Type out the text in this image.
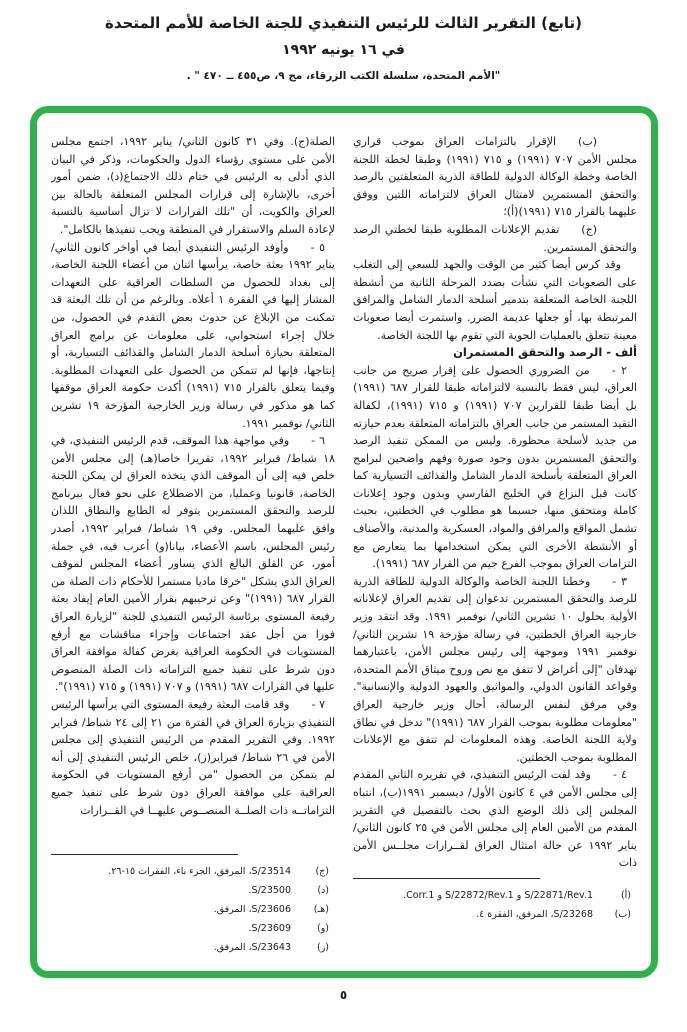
(تابع) التقرير الثالث للرئيس التنفيذي للجنة الخاصة للأمم المتحدة

في ١٦ يونيه ١٩٩٢

"الأمم المتحدة، سلسلة الكتب الزرقاء، مج ٩، ص٤٥٥ ــ ٤٧٠ " .

(ب)  الإقرار بالتزامات العراق بموجب قراري مجلس الأمن ٧٠٧ (١٩٩١) و ٧١٥ (١٩٩١) وطبقا لخطة اللجنة الخاصة وخطة الوكالة الدولية للطاقة الذرية المتعلقتين بالرصد والتحقق المستمرين لامتثال العراق لالتزاماته اللتين ووفق عليهما بالقرار ٧١٥ (١٩٩١)(أ)؛

(ج)  تقديم الإعلانات المطلوبة طبقا لخطتي الرصد والتحقق المستمرين.

وقد كرس أيضا كثير من الوقت والجهد للسعي إلى التغلب على الصعوبات التي نشأت بصدد المرحلة الثانية من أنشطة اللجنة الخاصة المتعلقة بتدمير أسلحة الدمار الشامل والمرافق المرتبطة بها، أو جعلها عديمة الضرر. واستمرت أيضا صعوبات معينة تتعلق بالعمليات الجوية التي تقوم بها اللجنة الخاصة.

ألف - الرصد والتحقق المستمران

٢ -  من الضروري الحصول على إقرار صريح من جانب العراق، ليس فقط بالنسبة لالتزاماته طبقا للقرار ٦٨٧ (١٩٩١) بل أيضا طبقا للقرارين ٧٠٧ (١٩٩١) و ٧١٥ (١٩٩١)، لكفالة التقيد المستمر من جانب العراق بالتزاماته المتعلقة بعدم حيازته من جديد لأسلحة محظورة. وليس من الممكن تنفيذ الرصد والتحقق المستمرين بدون وجود صورة وفهم واضحين لبرامج العراق المتعلقة بأسلحة الدمار الشامل والقذائف التسيارية كما كانت قبل النزاع في الخليج الفارسي وبدون وجود إعلانات كاملة ومتحقق منها، حسبما هو مطلوب في الخطتين، بحيث تشمل المواقع والمرافق والمواد، العسكرية والمدنية، والأصناف أو الأنشطة الأخرى التي يمكن استخدامها بما يتعارض مع التزامات العراق بموجب الفرع جيم من القرار ٦٨٧ (١٩٩١).

٣ -  وخطتا اللجنة الخاصة والوكالة الدولية للطاقة الذرية للرصد والتحقق المستمرين تدعوان إلى تقديم العراق لإعلاناته الأولية بحلول ١٠ تشرين الثاني/ نوفمبر ١٩٩١. وقد انتقد وزير خارجية العراق الخطتين، في رسالة مؤرخة ١٩ تشرين الثاني/ نوفمبر ١٩٩١ وموجهة إلى رئيس مجلس الأمن، باعتبارهما تهدفان "إلى أغراض لا تتفق مع نص وروح ميثاق الأمم المتحدة، وقواعد القانون الدولي، والمواثيق والعهود الدولية والإنسانية". وفي مرفق لنفس الرسالة، أحال وزير خارجية العراق "معلومات مطلوبة بموجب القرار ٦٨٧ (١٩٩١)" تدخل في نطاق ولاية اللجنة الخاصة. وهذه المعلومات لم تتفق مع الإعلانات المطلوبة بموجب الخطتين.

٤ -  وقد لفت الرئيس التنفيذي، في تقريره الثاني المقدم إلى مجلس الأمن في ٤ كانون الأول/ ديسمبر ١٩٩١(ب)، انتباه المجلس إلى ذلك الوضع الذي بحث بالتفصيل في التقرير المقدم من الأمين العام إلى مجلس الأمن في ٢٥ كانون الثاني/ يناير ١٩٩٢ عن حالة امتثال العراق لقــرارات مجلــس الأمن ذات

(أ)
S/22871/Rev.1 و S/22872/Rev.1 و Corr.1.
(ب)
S/23268، المرفق، الفقرة ٤.

الصلة(ج). وفي ٣١ كانون الثاني/ يناير ١٩٩٢، اجتمع مجلس الأمن على مستوى رؤساء الدول والحكومات، وذكر في البيان الذي أدلى به الرئيس في ختام ذلك الاجتماع(د)، ضمن أمور أخرى، بالإشارة إلى قرارات المجلس المتعلقة بالحالة بين العراق والكويت، أن "تلك القرارات لا تزال أساسية بالنسبة لإعادة السلم والاستقرار في المنطقة ويجب تنفيذها بالكامل".

٥ -  وأوفد الرئيس التنفيذي أيضا في أواخر كانون الثاني/ يناير ١٩٩٢ بعثة خاصة، يرأسها اثنان من أعضاء اللجنة الخاصة، إلى بغداد للحصول من السلطات العراقية على التعهدات المشار إليها في الفقرة ١ أعلاه. وبالرغم من أن تلك البعثة قد تمكنت من الإبلاغ عن حدوث بعض التقدم في الحصول، من خلال إجراء استجوابي، على معلومات عن برامج العراق المتعلقة بحيازة أسلحة الدمار الشامل والقذائف التسيارية، أو إنتاجها، فإنها لم تتمكن من الحصول على التعهدات المطلوبة. وفيما يتعلق بالقرار ٧١٥ (١٩٩١) أكدت حكومة العراق موقفها كما هو مذكور في رسالة وزير الخارجية المؤرخة ١٩ تشرين الثاني/ نوفمبر ١٩٩١.

٦ -  وفي مواجهة هذا الموقف، قدم الرئيس التنفيذي، في ١٨ شباط/ فبراير ١٩٩٢، تقريرا خاصا(هـ) إلى مجلس الأمن خلص فيه إلى أن الموقف الذي يتخذه العراق لن يمكن اللجنة الخاصة، قانونيا وعمليا، من الاضطلاع على نحو فعال ببرنامج للرصد والتحقق المستمرين يتوفر له الطابع والنطاق اللذان وافق عليهما المجلس. وفي ١٩ شباط/ فبراير ١٩٩٢، أصدر رئيس المجلس، باسم الأعضاء، بيانا(و) أعرب فيه، في جملة أمور، عن القلق البالغ الذي يساور أعضاء المجلس لموقف العراق الذي يشكل "خرقا ماديا مستمرا للأحكام ذات الصلة من القرار ٦٨٧ (١٩٩١)" وعن ترحيبهم بقرار الأمين العام إيفاد بعثة رفيعة المستوى برئاسة الرئيس التنفيذي للجنة "لزيارة العراق فورا من أجل عقد اجتماعات وإجراء مناقشات مع أرفع المستويات في الحكومة العراقية بغرض كفالة موافقة العراق دون شرط على تنفيذ جميع التزاماته ذات الصلة المنصوص عليها في القرارات ٦٨٧ (١٩٩١) و ٧٠٧ (١٩٩١) و ٧١٥ (١٩٩١)".

٧ -  وقد قامت البعثة رفيعة المستوى التي يرأسها الرئيس التنفيذي بزيارة العراق في الفترة من ٢١ إلى ٢٤ شباط/ فبراير ١٩٩٢. وفي التقرير المقدم من الرئيس التنفيذي إلى مجلس الأمن في ٢٦ شباط/ فبراير(ز)، خلص الرئيس التنفيذي إلى أنه لم يتمكن من الحصول "من أرفع المستويات في الحكومة العراقية على موافقة العراق دون شرط على تنفيذ جميع التزاماتــه ذات الصلــة المنصــوص عليهــا في القــرارات

(ج)
S/23514، المرفق، الجزء باء، الفقرات ١٥-٢٦.
(د)
S/23500.
(هـ)
S/23606، المرفق.
(و)
S/23609.
(ز)
S/23643، المرفق.
٥
